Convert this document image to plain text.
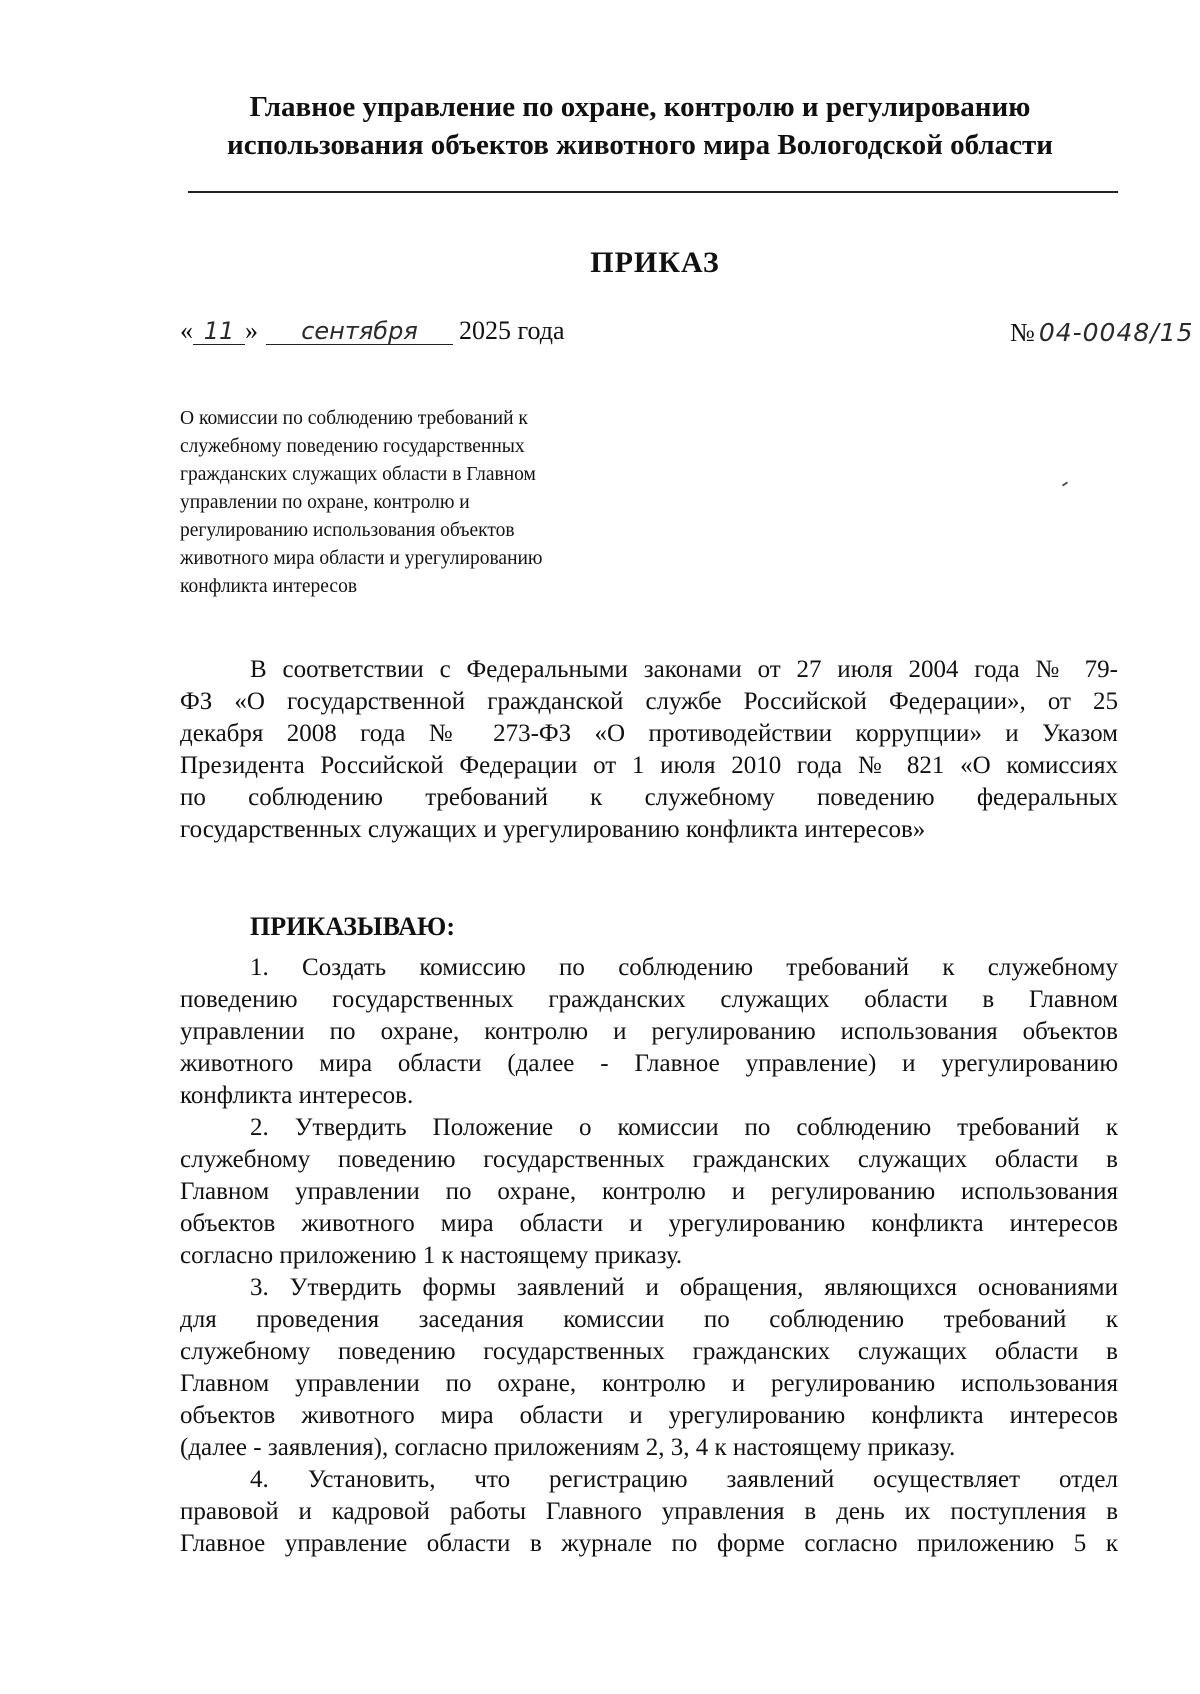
Главное управление по охране, контролю и регулированию
использования объектов животного мира Вологодской области
ПРИКАЗ
« 11 » сентября 2025 года	№ 04-0048/15
О комиссии по соблюдению требований к
служебному поведению государственных
гражданских служащих области в Главном
управлении по охране, контролю и
регулированию использования объектов
животного мира области и урегулированию
конфликта интересов
В соответствии с Федеральными законами от 27 июля 2004 года № 79-
ФЗ «О государственной гражданской службе Российской Федерации», от 25
декабря 2008 года № 273-ФЗ «О противодействии коррупции» и Указом
Президента Российской Федерации от 1 июля 2010 года № 821 «О комиссиях
по соблюдению требований к служебному поведению федеральных
государственных служащих и урегулированию конфликта интересов»
ПРИКАЗЫВАЮ:
1. Создать комиссию по соблюдению требований к служебному
поведению государственных гражданских служащих области в Главном
управлении по охране, контролю и регулированию использования объектов
животного мира области (далее - Главное управление) и урегулированию
конфликта интересов.
2. Утвердить Положение о комиссии по соблюдению требований к
служебному поведению государственных гражданских служащих области в
Главном управлении по охране, контролю и регулированию использования
объектов животного мира области и урегулированию конфликта интересов
согласно приложению 1 к настоящему приказу.
3. Утвердить формы заявлений и обращения, являющихся основаниями
для проведения заседания комиссии по соблюдению требований к
служебному поведению государственных гражданских служащих области в
Главном управлении по охране, контролю и регулированию использования
объектов животного мира области и урегулированию конфликта интересов
(далее - заявления), согласно приложениям 2, 3, 4 к настоящему приказу.
4. Установить, что регистрацию заявлений осуществляет отдел
правовой и кадровой работы Главного управления в день их поступления в
Главное управление области в журнале по форме согласно приложению 5 к
